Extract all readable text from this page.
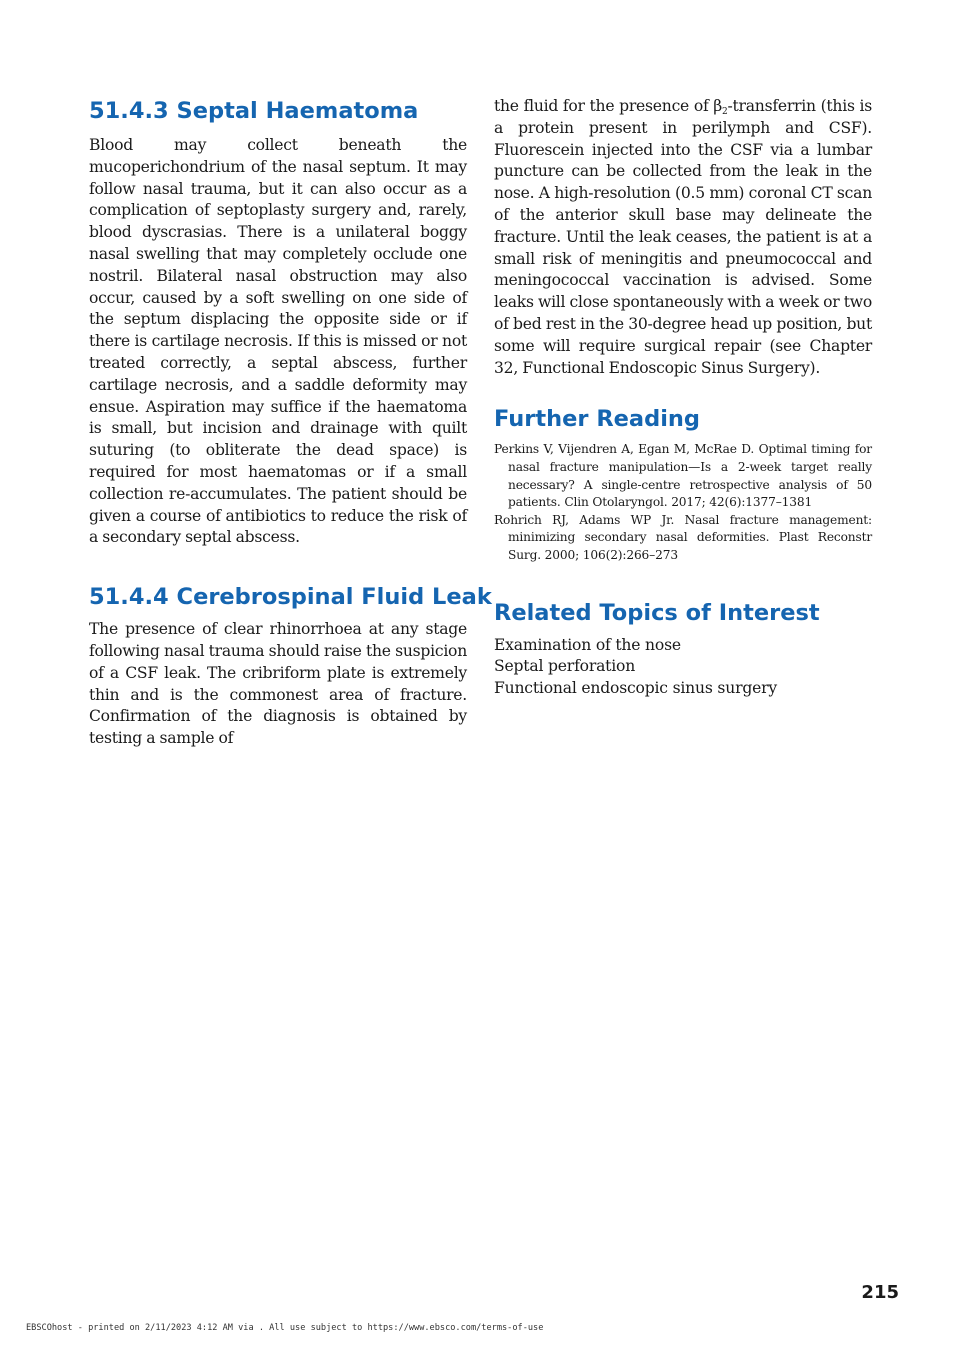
51.4.3 Septal Haematoma

Blood may collect beneath the mucoperichondrium of the nasal septum. It may follow nasal trauma, but it can also occur as a complication of septoplasty surgery and, rarely, blood dyscrasias. There is a unilateral boggy nasal swelling that may completely occlude one nostril. Bilateral nasal obstruction may also occur, caused by a soft swelling on one side of the septum displacing the opposite side or if there is cartilage necrosis. If this is missed or not treated correctly, a septal abscess, further cartilage necrosis, and a saddle deformity may ensue. Aspiration may suffice if the haematoma is small, but incision and drainage with quilt suturing (to obliterate the dead space) is required for most haematomas or if a small collection re-accumulates. The patient should be given a course of antibiotics to reduce the risk of a secondary septal abscess.

51.4.4 Cerebrospinal Fluid Leak

The presence of clear rhinorrhoea at any stage following nasal trauma should raise the suspicion of a CSF leak. The cribriform plate is extremely thin and is the commonest area of fracture. Confirmation of the diagnosis is obtained by testing a sample of

the fluid for the presence of $\beta_2$-transferrin (this is a protein present in perilymph and CSF). Fluorescein injected into the CSF via a lumbar puncture can be collected from the leak in the nose. A high-resolution (0.5 mm) coronal CT scan of the anterior skull base may delineate the fracture. Until the leak ceases, the patient is at a small risk of meningitis and pneumococcal and meningococcal vaccination is advised. Some leaks will close spontaneously with a week or two of bed rest in the 30-degree head up position, but some will require surgical repair (see Chapter 32, Functional Endoscopic Sinus Surgery).

Further Reading

Perkins V, Vijendren A, Egan M, McRae D. Optimal timing for nasal fracture manipulation—Is a 2-week target really necessary? A single-centre retrospective analysis of 50 patients. Clin Otolaryngol. 2017; 42(6):1377–1381

Rohrich RJ, Adams WP Jr. Nasal fracture management: minimizing secondary nasal deformities. Plast Reconstr Surg. 2000; 106(2):266–273

Related Topics of Interest

Examination of the nose

Septal perforation

Functional endoscopic sinus surgery

215
EBSCOhost - printed on 2/11/2023 4:12 AM via . All use subject to https://www.ebsco.com/terms-of-use
